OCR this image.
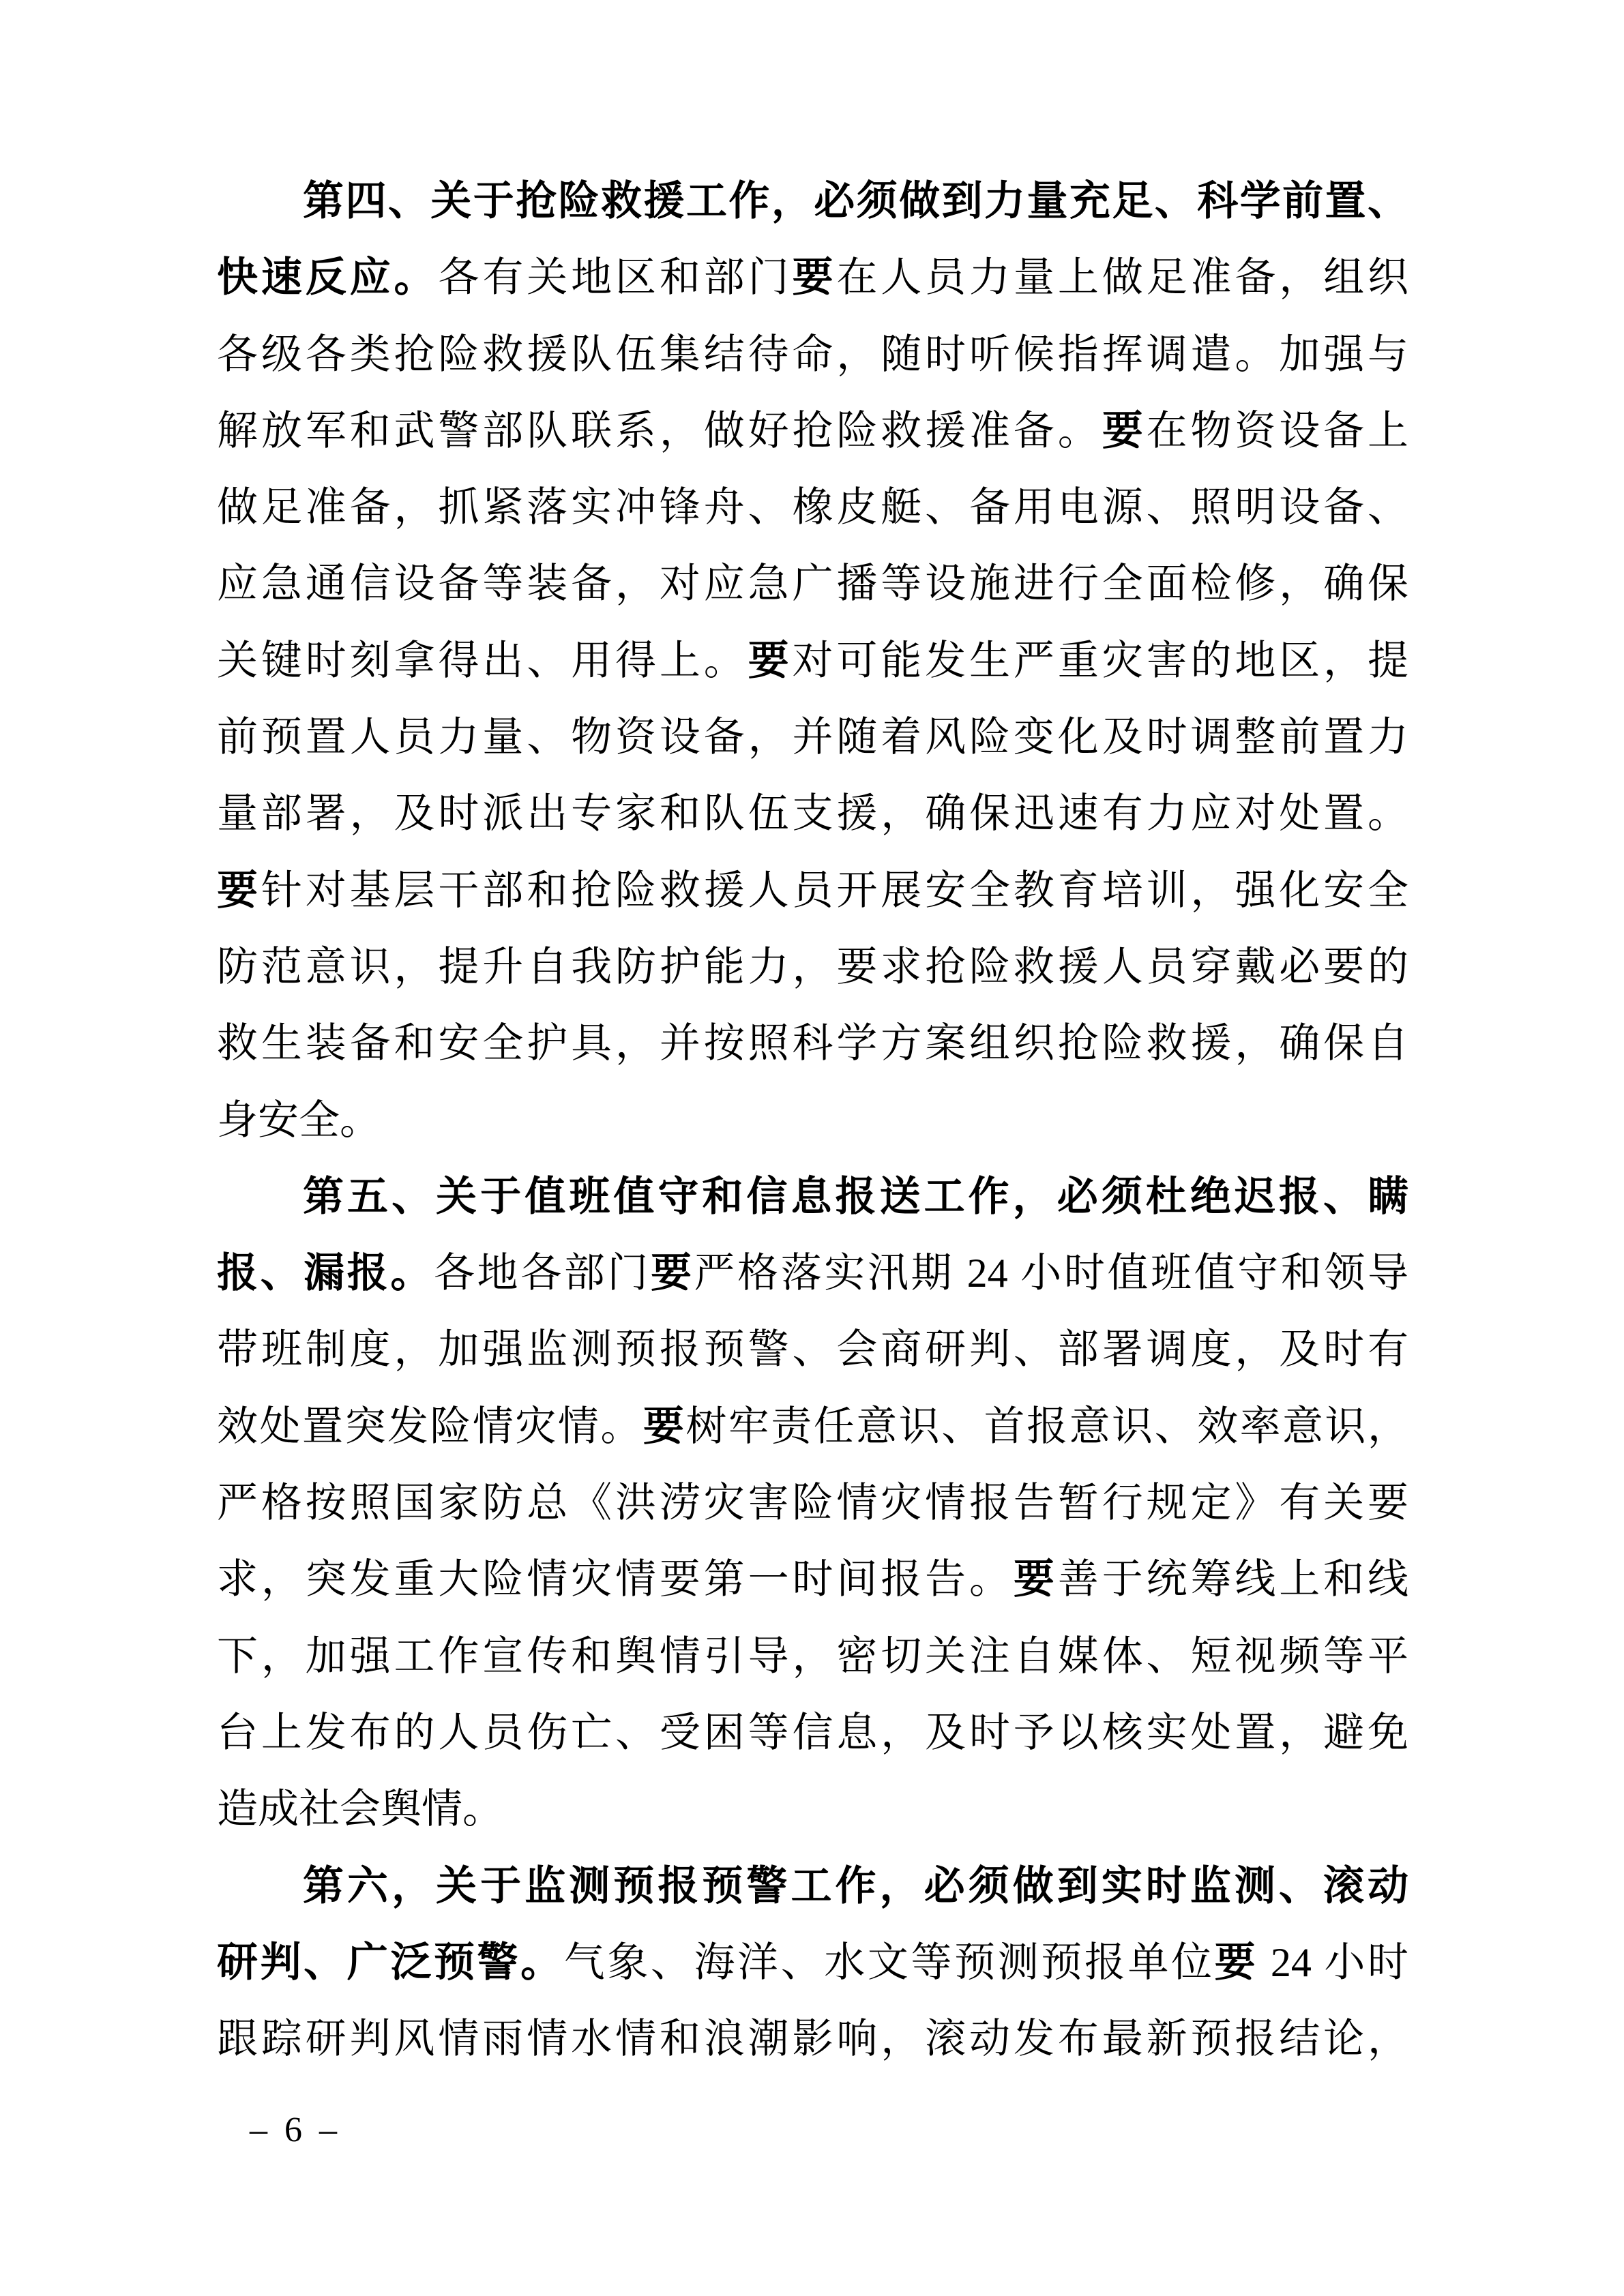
第四、关于抢险救援工作，必须做到力量充足、科学前置、
快速反应。各有关地区和部门要在人员力量上做足准备，组织
各级各类抢险救援队伍集结待命，随时听候指挥调遣。加强与
解放军和武警部队联系，做好抢险救援准备。要在物资设备上
做足准备，抓紧落实冲锋舟、橡皮艇、备用电源、照明设备、
应急通信设备等装备，对应急广播等设施进行全面检修，确保
关键时刻拿得出、用得上。要对可能发生严重灾害的地区，提
前预置人员力量、物资设备，并随着风险变化及时调整前置力
量部署，及时派出专家和队伍支援，确保迅速有力应对处置。
要针对基层干部和抢险救援人员开展安全教育培训，强化安全
防范意识，提升自我防护能力，要求抢险救援人员穿戴必要的
救生装备和安全护具，并按照科学方案组织抢险救援，确保自
身安全。
第五、关于值班值守和信息报送工作，必须杜绝迟报、瞒
报、漏报。各地各部门要严格落实汛期 24 小时值班值守和领导
带班制度，加强监测预报预警、会商研判、部署调度，及时有
效处置突发险情灾情。要树牢责任意识、首报意识、效率意识，
严格按照国家防总《洪涝灾害险情灾情报告暂行规定》有关要
求，突发重大险情灾情要第一时间报告。要善于统筹线上和线
下，加强工作宣传和舆情引导，密切关注自媒体、短视频等平
台上发布的人员伤亡、受困等信息，及时予以核实处置，避免
造成社会舆情。
第六，关于监测预报预警工作，必须做到实时监测、滚动
研判、广泛预警。气象、海洋、水文等预测预报单位要 24 小时
跟踪研判风情雨情水情和浪潮影响，滚动发布最新预报结论，
– 6 –
